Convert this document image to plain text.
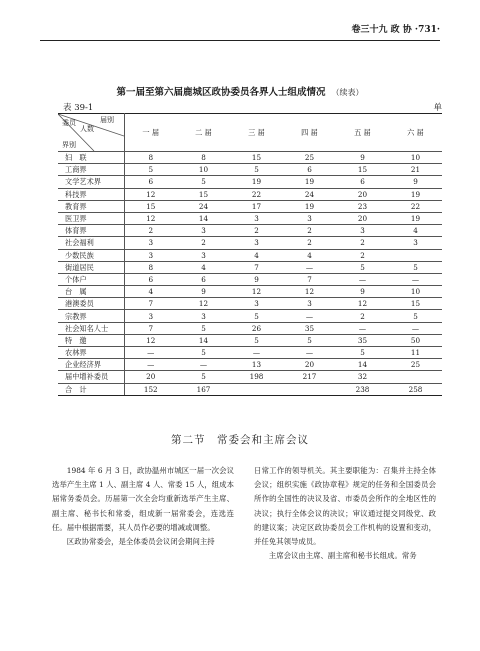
卷三十九 政 协 ·731·
第一届至第六届鹿城区政协委员各界人士组成情况 （续表）
表 39-1	单
届别
人数
委员
界别	一 届	二 届	三 届	四 届	五 届	六 届
妇　联	8	8	15	25	9	10
工商界	5	10	5	6	15	21
文学艺术界	6	5	19	19	6	9
科技界	12	15	22	24	20	19
教育界	15	24	17	19	23	22
医卫界	12	14	3	3	20	19
体育界	2	3	2	2	3	4
社会福利	3	2	3	2	2	3
少数民族	3	3	4	4	2	
街道居民	8	4	7	—	5	5
个体户	6	6	9	7	—	—
台　属	4	9	12	12	9	10
港澳委员	7	12	3	3	12	15
宗教界	3	3	5	—	2	5
社会知名人士	7	5	26	35	—	—
特　邀	12	14	5	5	35	50
农林界	—	5	—	—	5	11
企业经济界	—	—	13	20	14	25
届中增补委员	20	5	198	217	32	
合　计	152	167			238	258
第二节　常委会和主席会议

1984 年 6 月 3 日，政协温州市城区一届一次会议选举产生主席 1 人、副主席 4 人、常委 15 人，组成本届常务委员会。历届第一次全会均重新选举产生主席、副主席、秘书长和常委，组成新一届常委会，连选连任。届中根据需要，其人员作必要的增减或调整。

区政协常委会，是全体委员会议闭会期间主持

日常工作的领导机关。其主要职能为：召集并主持全体会议；组织实施《政协章程》规定的任务和全国委员会所作的全国性的决议及省、市委员会所作的全地区性的决议；执行全体会议的决议；审议通过提交同级党、政的建议案；决定区政协委员会工作机构的设置和变动，并任免其领导成员。

主席会议由主席、副主席和秘书长组成。常务
